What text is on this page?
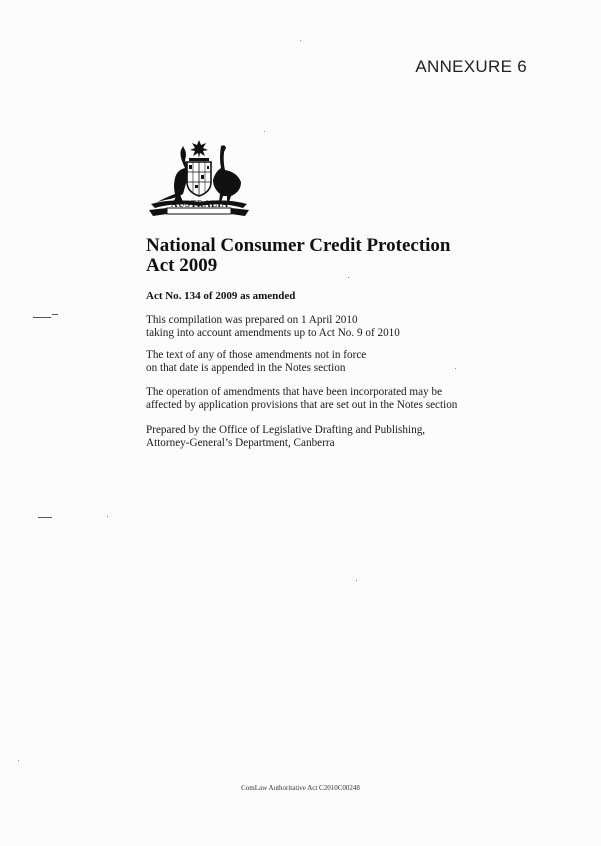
ANNEXURE 6
AUSTRALIA
National Consumer Credit Protection
Act 2009
Act No. 134 of 2009 as amended

This compilation was prepared on 1 April 2010
taking into account amendments up to Act No. 9 of 2010

The text of any of those amendments not in force
on that date is appended in the Notes section

The operation of amendments that have been incorporated may be
affected by application provisions that are set out in the Notes section

Prepared by the Office of Legislative Drafting and Publishing,
Attorney-General’s Department, Canberra

ComLaw Authoritative Act C2010C00248
